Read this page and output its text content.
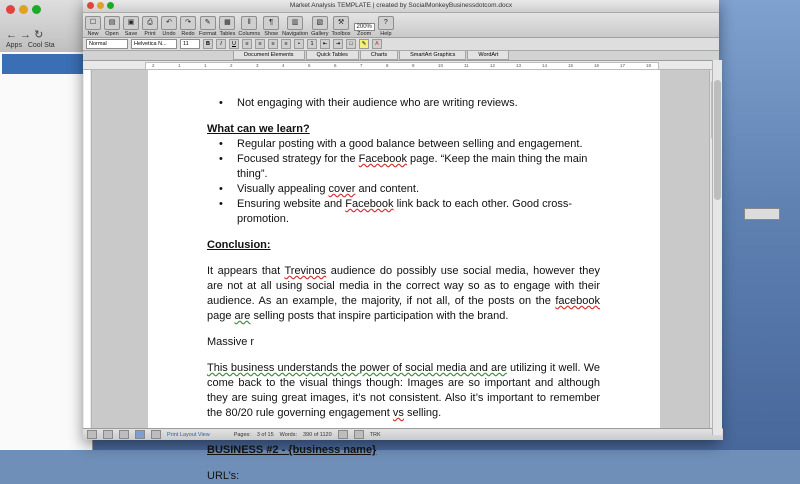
← → ↻
Apps Cool Sta
Market Analysis TEMPLATE | created by SocialMonkeyBusinessdotcom.docx
☐
New
▤
Open
▣
Save
⎙
Print
↶
Undo
↷
Redo
✎
Format
▦
Tables
‖
Columns
¶
Show
▥
Navigation
▧
Gallery
⚒
Toolbox
200%
Zoom
?
Help
Normal	Helvetica N...	11	B	I	U	≡	≡	≡	≡	•	1	⇤	⇥	□	✎	A
Document Elements	Quick Tables	Charts	SmartArt Graphics	WordArt
2	1	1	2	3	4	5	6	7	8	9	10	11	12	13	14	15	16	17	18

• Not engaging with their audience who are writing reviews.

What can we learn?

• Regular posting with a good balance between selling and engagement.

• Focused strategy for the Facebook page. “Keep the main thing the main thing”.

• Visually appealing cover and content.

• Ensuring website and Facebook link back to each other. Good cross-promotion.

Conclusion:

It appears that Trevinos audience do possibly use social media, however they are not at all using social media in the correct way so as to engage with their audience. As an example, the majority, if not all, of the posts on the facebook page are selling posts that inspire participation with the brand.

Massive r

This business understands the power of social media and are utilizing it well. We come back to the visual things though: Images are so important and although they are suing great images, it’s not consistent. Also it’s important to remember the 80/20 rule governing engagement vs selling.

BUSINESS #2 - {business name}

URL’s:

Print Layout View	Pages: 3 of 15 Words: 390 of 1120	TRK
